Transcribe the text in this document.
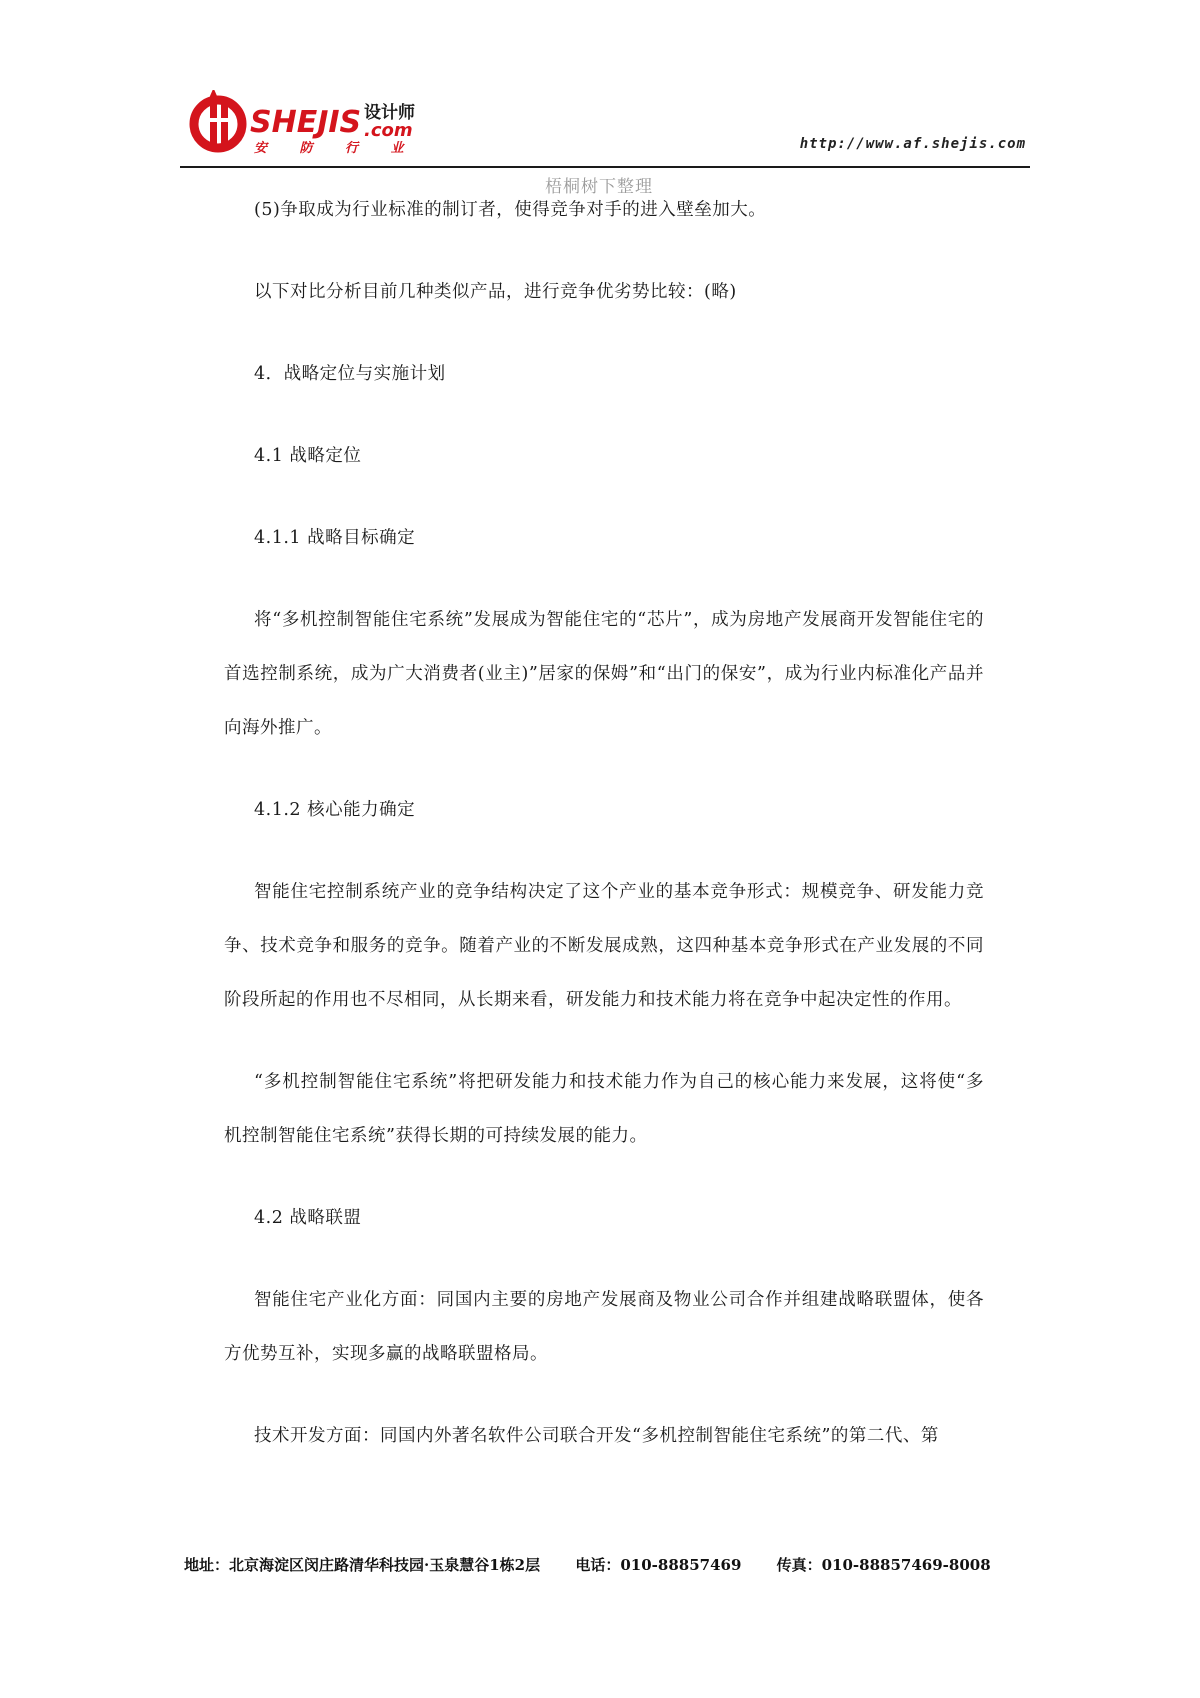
SHEJIS 设计师
.com
安 防 行 业	http://www.af.shejis.com
梧桐树下整理

(5)争取成为行业标准的制订者，使得竞争对手的进入壁垒加大。

以下对比分析目前几种类似产品，进行竞争优劣势比较：(略)

4．战略定位与实施计划

4.1 战略定位

4.1.1 战略目标确定

将“多机控制智能住宅系统”发展成为智能住宅的“芯片”，成为房地产发展商开发智能住宅的首选控制系统，成为广大消费者(业主)”居家的保姆”和“出门的保安”，成为行业内标准化产品并向海外推广。

4.1.2 核心能力确定

智能住宅控制系统产业的竞争结构决定了这个产业的基本竞争形式：规模竞争、研发能力竞争、技术竞争和服务的竞争。随着产业的不断发展成熟，这四种基本竞争形式在产业发展的不同阶段所起的作用也不尽相同，从长期来看，研发能力和技术能力将在竞争中起决定性的作用。

“多机控制智能住宅系统”将把研发能力和技术能力作为自己的核心能力来发展，这将使“多机控制智能住宅系统”获得长期的可持续发展的能力。

4.2 战略联盟

智能住宅产业化方面：同国内主要的房地产发展商及物业公司合作并组建战略联盟体，使各方优势互补，实现多赢的战略联盟格局。

技术开发方面：同国内外著名软件公司联合开发“多机控制智能住宅系统”的第二代、第

地址：北京海淀区闵庄路清华科技园·玉泉慧谷1栋2层 电话：010-88857469 传真：010-88857469-8008
